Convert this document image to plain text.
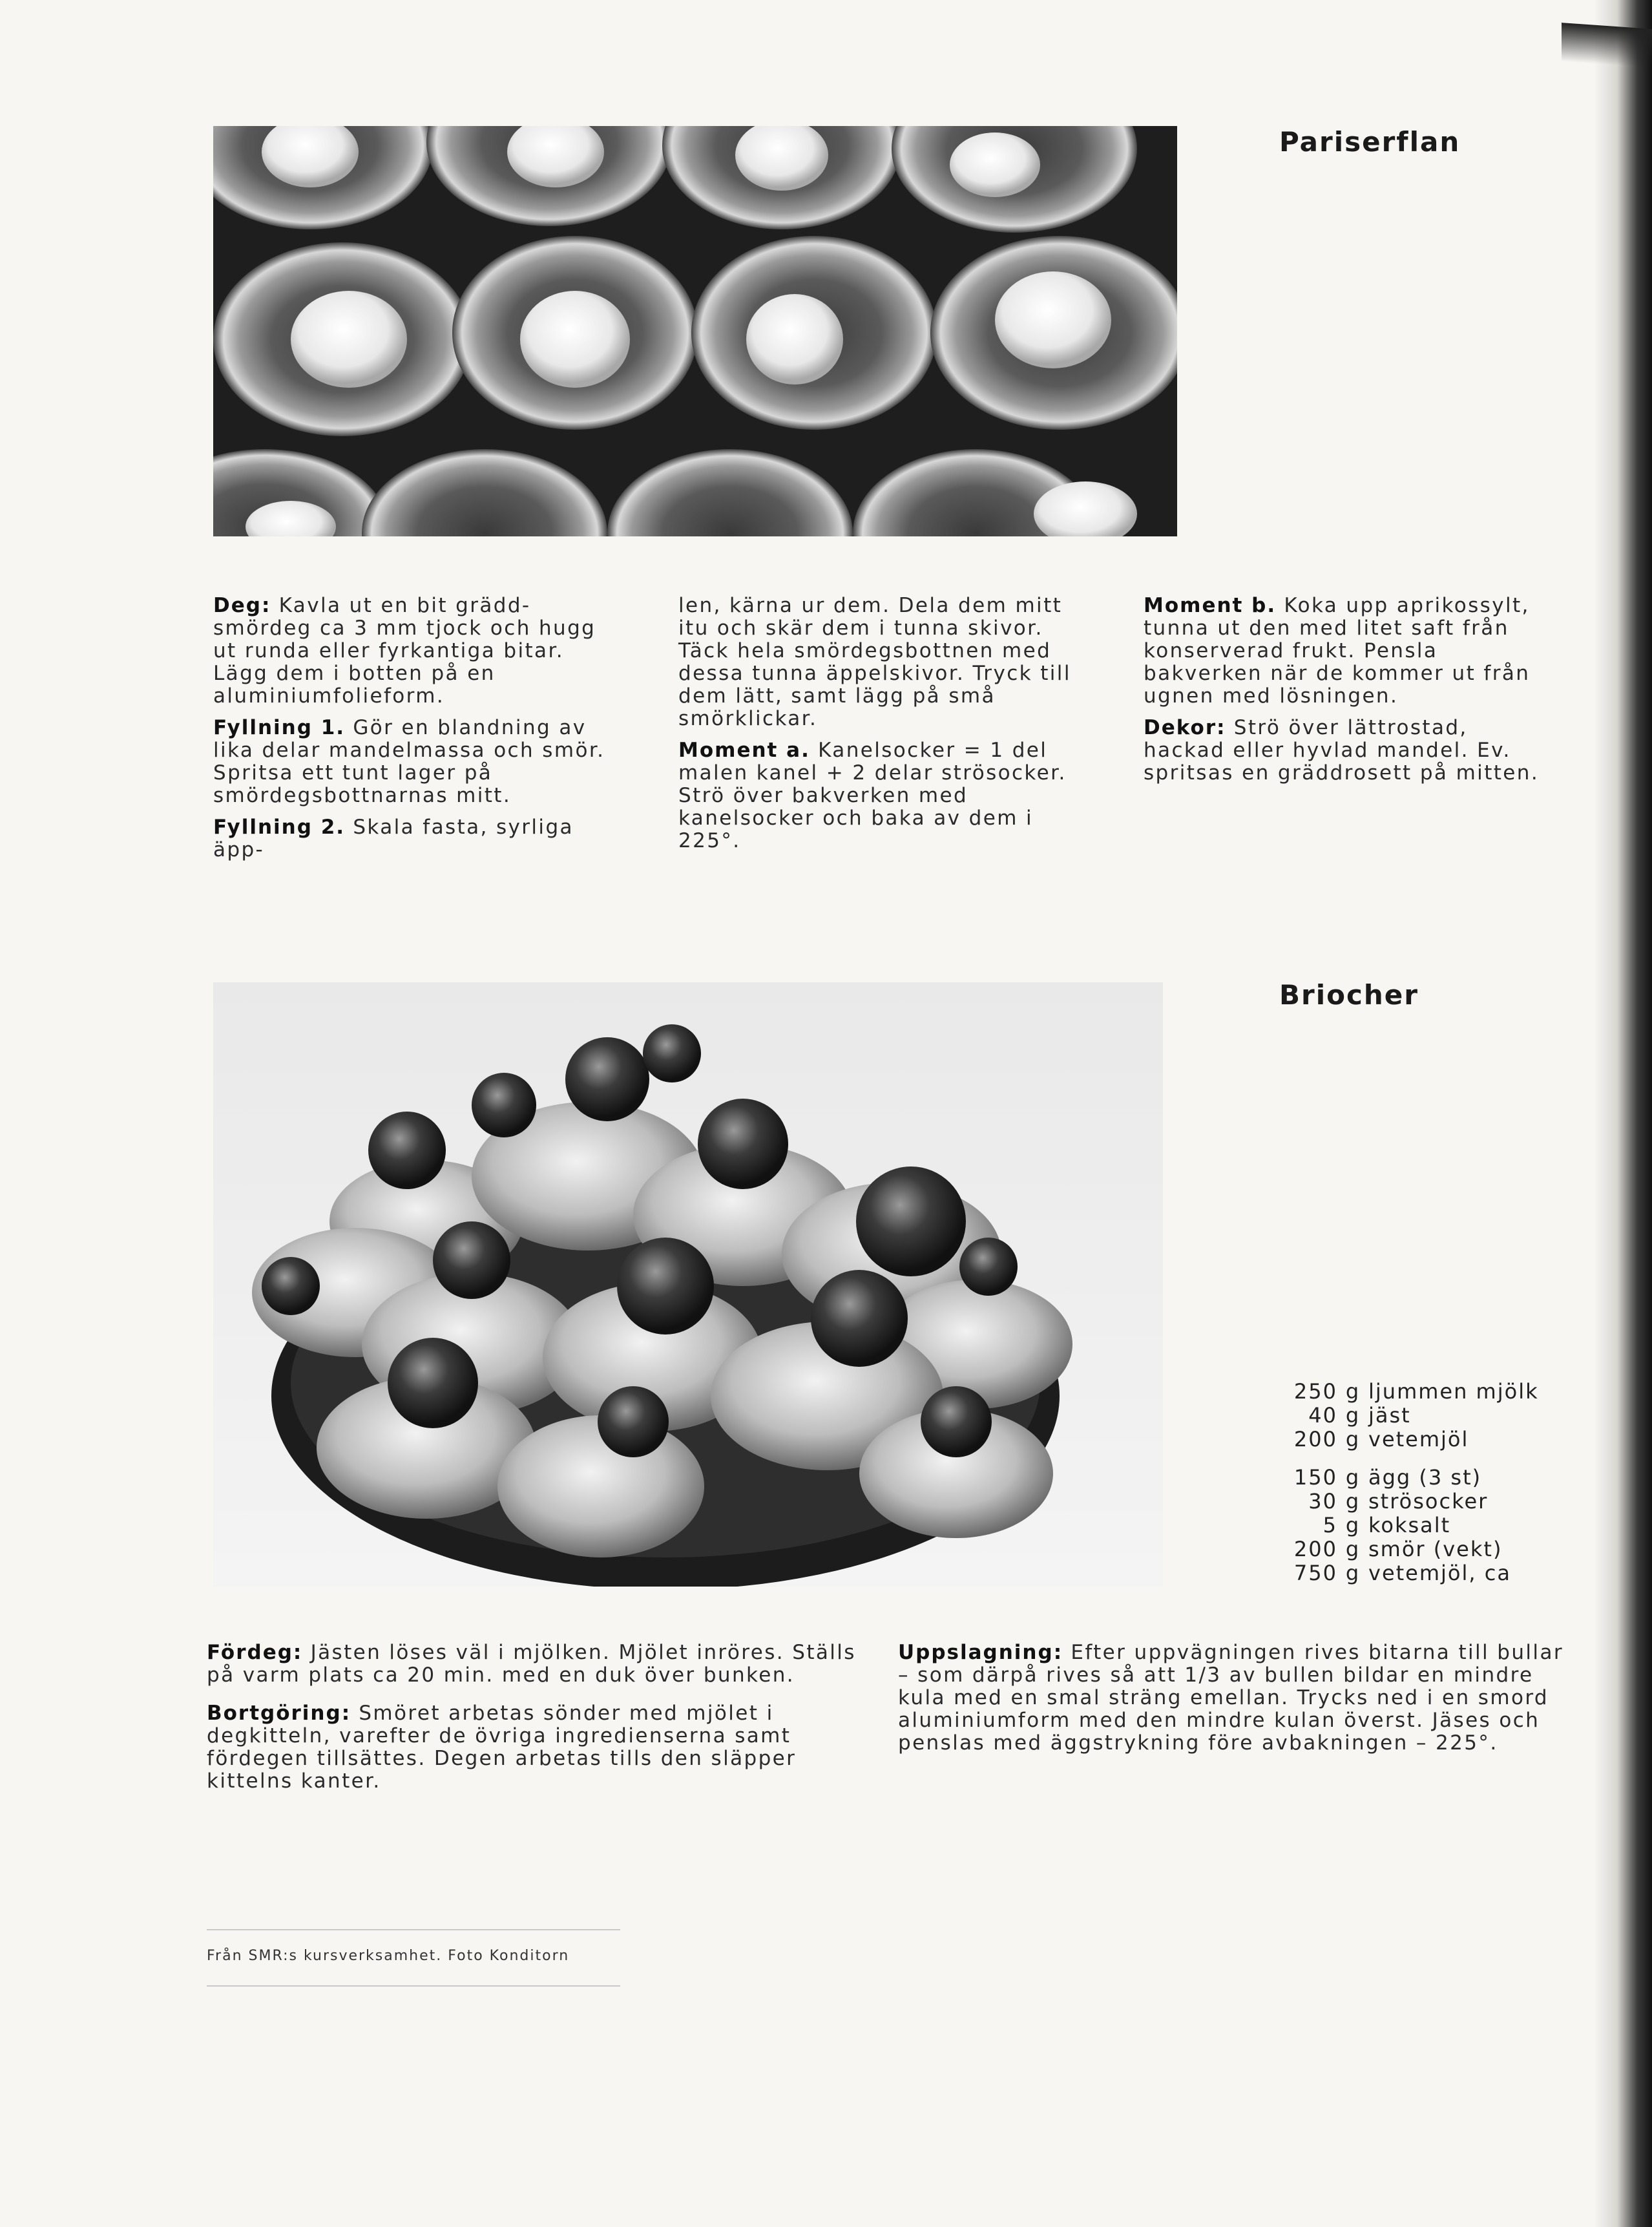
Pariserflan

Deg: Kavla ut en bit grädd-smördeg ca 3 mm tjock och hugg ut runda eller fyrkantiga bitar. Lägg dem i botten på en aluminiumfolieform.

Fyllning 1. Gör en blandning av lika delar mandelmassa och smör. Spritsa ett tunt lager på smördegsbottnarnas mitt.

Fyllning 2. Skala fasta, syrliga äpp-

len, kärna ur dem. Dela dem mitt itu och skär dem i tunna skivor. Täck hela smördegsbottnen med dessa tunna äppelskivor. Tryck till dem lätt, samt lägg på små smörklickar.

Moment a. Kanelsocker = 1 del malen kanel + 2 delar strösocker. Strö över bakverken med kanelsocker och baka av dem i 225°.

Moment b. Koka upp aprikossylt, tunna ut den med litet saft från konserverad frukt. Pensla bakverken när de kommer ut från ugnen med lösningen.

Dekor: Strö över lättrostad, hackad eller hyvlad mandel. Ev. spritsas en gräddrosett på mitten.

Briocher
250 g ljummen mjölk
40 g jäst
200 g vetemjöl
150 g ägg (3 st)
30 g strösocker
5 g koksalt
200 g smör (vekt)
750 g vetemjöl, ca

Fördeg: Jästen löses väl i mjölken. Mjölet inröres. Ställs på varm plats ca 20 min. med en duk över bunken.

Bortgöring: Smöret arbetas sönder med mjölet i degkitteln, varefter de övriga ingredienserna samt fördegen tillsättes. Degen arbetas tills den släpper kittelns kanter.

Uppslagning: Efter uppvägningen rives bitarna till bullar – som därpå rives så att 1/3 av bullen bildar en mindre kula med en smal sträng emellan. Trycks ned i en smord aluminiumform med den mindre kulan överst. Jäses och penslas med äggstrykning före avbakningen – 225°.

Från SMR:s kursverksamhet. Foto Konditorn
